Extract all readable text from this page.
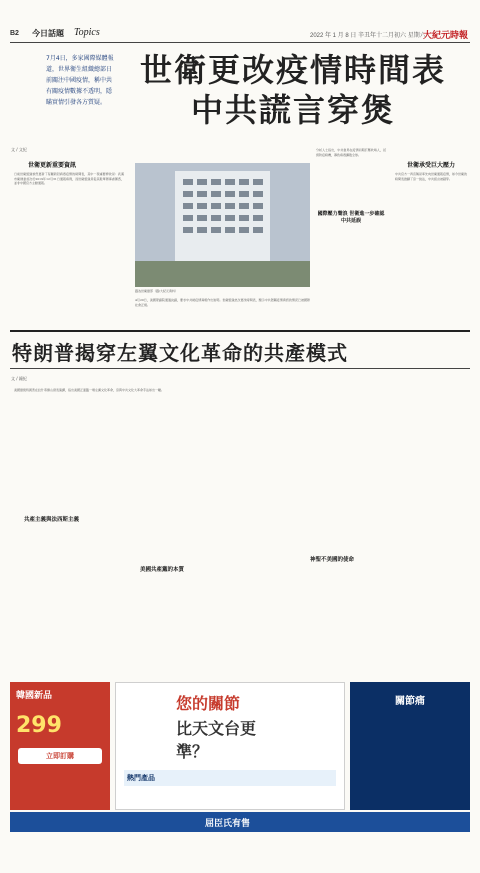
B2 今日話題 Topics	2022 年 1 月 8 日 辛丑年十二月初六 星期六
大紀元時報
7月4日，多家國際媒體報道，世界衛生組織總部日前關注中國疫情，稱中共有關疫情數據不透明，隱瞞實情引發各方質疑。
世衛更改疫情時間表 中共謊言穿煲
文 / 文紀
世衛更新重要資訊
日前世衛組織悄然更新了有關新冠病毒疫情的時間表，其中一項重要修改是：武漢市衛健委首次於2019年12月31日通報病例，而世衛組織是從其駐華辦事處獲悉，並非中國官方主動通報。
圖為世衛總部（圖/大紀元資料）
4月20日，美國眾議院通過決議，要求中共就疫情真相作出說明。世衛組織此次更改時間表，顯示中共隱瞞疫情資訊的情況已被國際社會正視。
分析人士指出，中共當局在疫情初期打壓吹哨人，延誤防疫時機，導致病毒擴散全球。
國際壓力聲浪 世衛進一步確認中共延誤
世衛承受巨大壓力
中共官方一再宣稱是率先向世衛通報疫情，如今世衛的時間表推翻了這一說法，中共謊言被戳穿。
特朗普揭穿左翼文化革命的共產模式
文 / 鐘紀
共產主義與法西斯主義
美國共產黨的本質
神聖不美國的使命
美國總統特朗普在拉什莫爾山發表演講，指出美國正面臨一場左翼文化革命，這與中共文化大革命手法如出一轍。
韓國新品
299
立即訂購
您的關節
比天文台更準？
熱門產品
關節痛
屈臣氏有售
